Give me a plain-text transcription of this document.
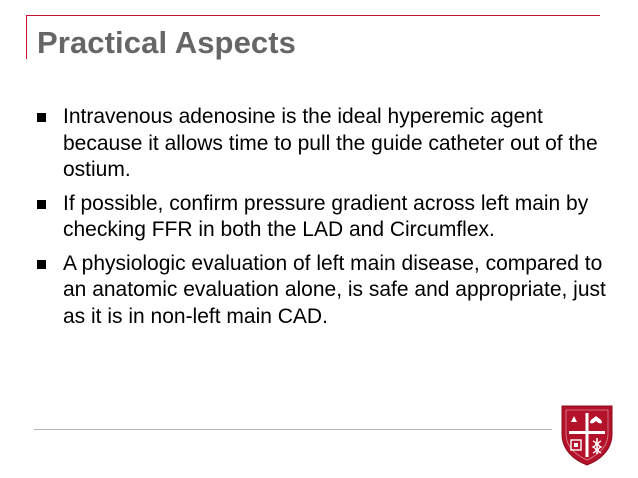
Practical Aspects
Intravenous adenosine is the ideal hyperemic agent because it allows time to pull the guide catheter out of the ostium.
If possible, confirm pressure gradient across left main by checking FFR in both the LAD and Circumflex.
A physiologic evaluation of left main disease, compared to an anatomic evaluation alone, is safe and appropriate, just as it is in non-left main CAD.
